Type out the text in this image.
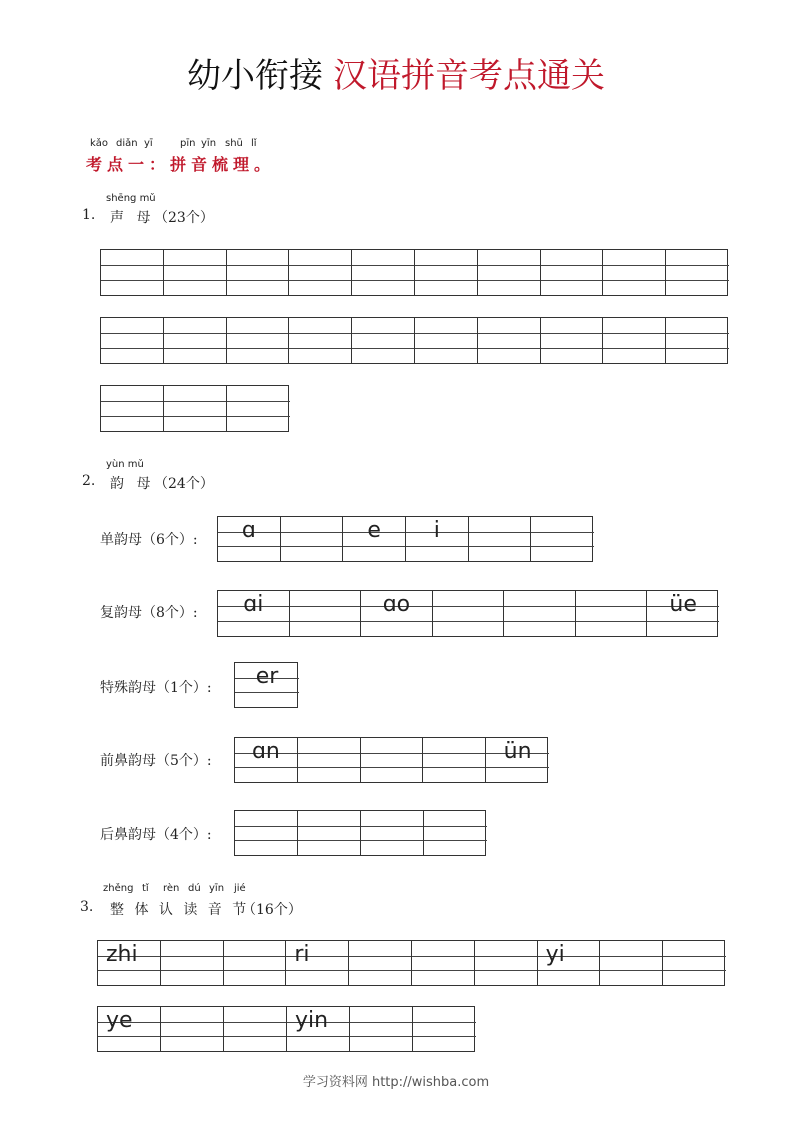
幼小衔接 汉语拼音考点通关
kǎo diǎn yī	pīn yīn shū lǐ
考点一：拼音梳理。
shēng mǔ
1. 声 母 （23个）
yùn mǔ
2. 韵 母 （24个）
单韵母（6个）:	ɑ	e	i
复韵母（8个）:	ɑi	ɑo	üe
特殊韵母（1个）:	er
前鼻韵母（5个）:	ɑn	ün
后鼻韵母（4个）:
zhěng tǐ rèn dú yīn jié
3. 整 体 认 读 音 节
（16个）
zhi	ri	yi
ye	yin
学习资料网 http://wishba.com
